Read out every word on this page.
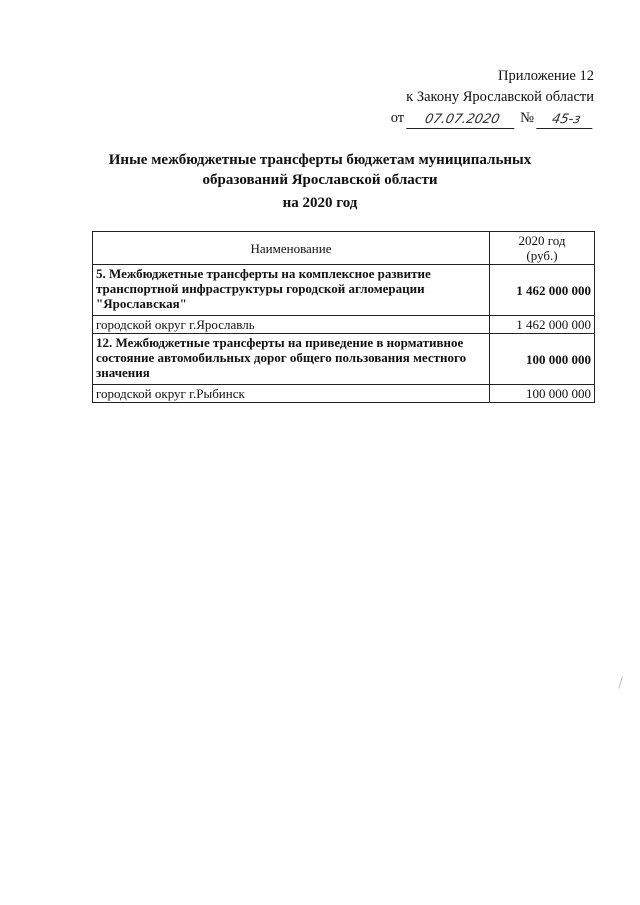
Приложение 12
к Закону Ярославской области
от	07.07.2020	№	45-з
Иные межбюджетные трансферты бюджетам муниципальных
образований Ярославской области
на 2020 год
Наименование	2020 год
(руб.)

5. Межбюджетные трансферты на комплексное развитие транспортной инфраструктуры городской агломерации "Ярославская"	1 462 000 000
городской округ г.Ярославль	1 462 000 000
12. Межбюджетные трансферты на приведение в нормативное состояние автомобильных дорог общего пользования местного значения	100 000 000
городской округ г.Рыбинск	100 000 000
